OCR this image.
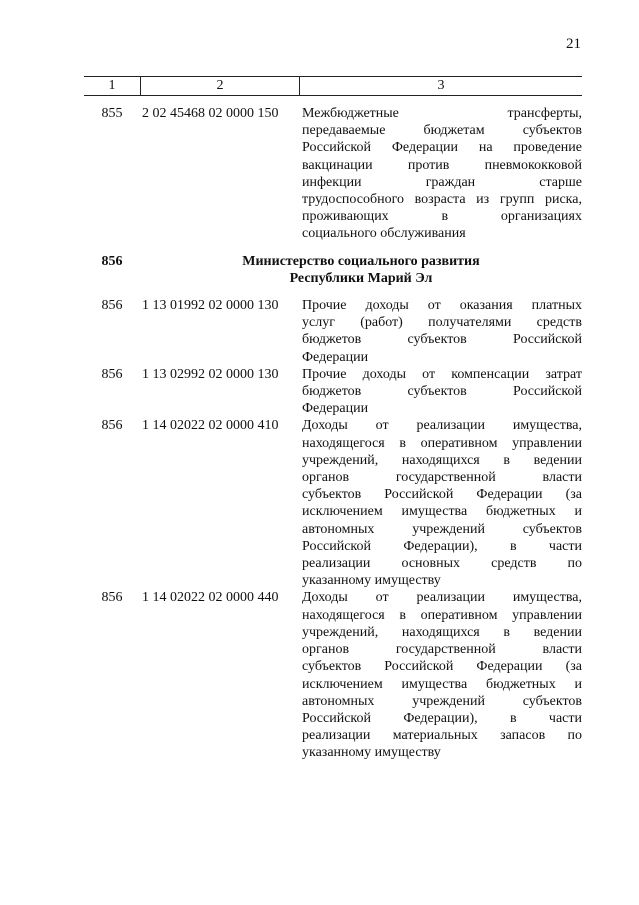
21
1	2	3
855	2 02 45468 02 0000 150	Межбюджетные трансферты,
передаваемые бюджетам субъектов
Российской Федерации на проведение
вакцинации против пневмококковой
инфекции граждан старше
трудоспособного возраста из групп риска,
проживающих в организациях
социального обслуживания
856	Министерство социального развития
Республики Марий Эл
856	1 13 01992 02 0000 130	Прочие доходы от оказания платных
услуг (работ) получателями средств
бюджетов субъектов Российской
Федерации
856	1 13 02992 02 0000 130	Прочие доходы от компенсации затрат
бюджетов субъектов Российской
Федерации
856	1 14 02022 02 0000 410	Доходы от реализации имущества,
находящегося в оперативном управлении
учреждений, находящихся в ведении
органов государственной власти
субъектов Российской Федерации (за
исключением имущества бюджетных и
автономных учреждений субъектов
Российской Федерации), в части
реализации основных средств по
указанному имуществу
856	1 14 02022 02 0000 440	Доходы от реализации имущества,
находящегося в оперативном управлении
учреждений, находящихся в ведении
органов государственной власти
субъектов Российской Федерации (за
исключением имущества бюджетных и
автономных учреждений субъектов
Российской Федерации), в части
реализации материальных запасов по
указанному имуществу
